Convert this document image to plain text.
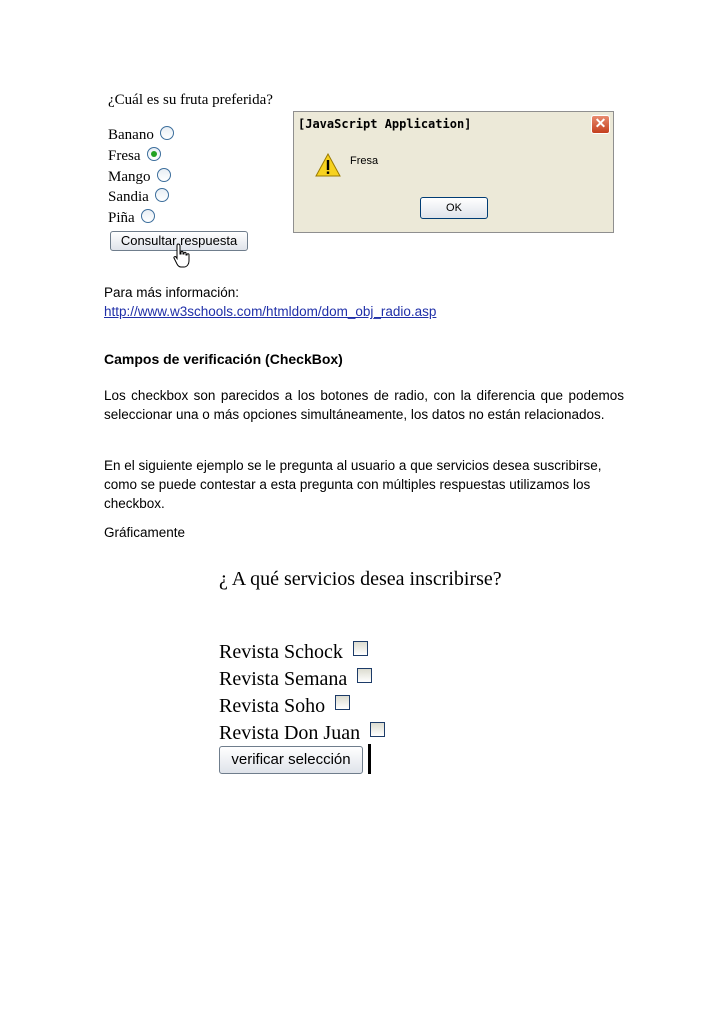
¿Cuál es su fruta preferida?
Banano
Fresa
Mango
Sandia
Piña
Consultar respuesta
[JavaScript Application]	✕
Fresa
OK
Para más información:
http://www.w3schools.com/htmldom/dom_obj_radio.asp
Campos de verificación (CheckBox)
Los checkbox son parecidos a los botones de radio, con la diferencia que podemos seleccionar una o más opciones simultáneamente, los datos no están relacionados.
En el siguiente ejemplo se le pregunta al usuario a que servicios desea suscribirse, como se puede contestar a esta pregunta con múltiples respuestas utilizamos los checkbox.
Gráficamente
¿ A qué servicios desea inscribirse?
Revista Schock
Revista Semana
Revista Soho
Revista Don Juan
verificar selección
